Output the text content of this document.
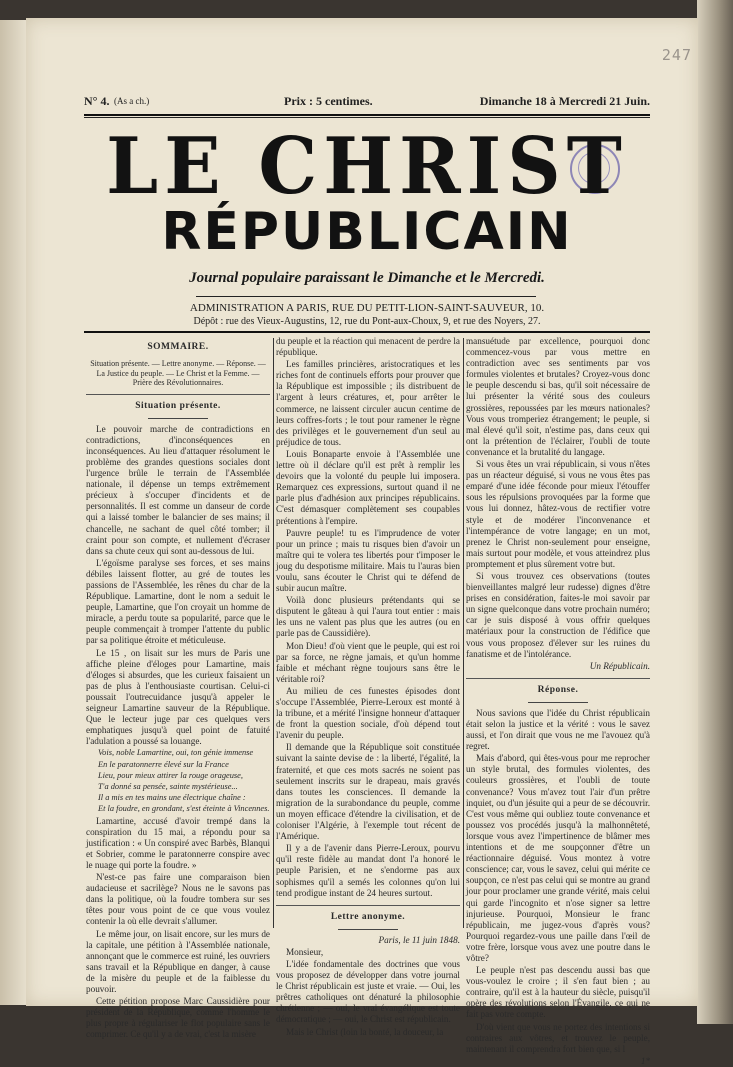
247
N° 4. (As a ch.)	Prix : 5 centimes.	Dimanche 18 à Mercredi 21 Juin.
LE CHRIST
RÉPUBLICAIN
Journal populaire paraissant le Dimanche et le Mercredi.
ADMINISTRATION A PARIS, RUE DU PETIT-LION-SAINT-SAUVEUR, 10.
Dépôt : rue des Vieux-Augustins, 12, rue du Pont-aux-Choux, 9, et rue des Noyers, 27.

SOMMAIRE.

Situation présente. — Lettre anonyme. — Réponse. — La Justice du peuple. — Le Christ et la Femme. — Prière des Révolutionnaires.

Situation présente.

Le pouvoir marche de contradictions en contradictions, d'inconséquences en inconséquences. Au lieu d'attaquer résolument le problème des grandes questions sociales dont l'urgence brûle le terrain de l'Assemblée nationale, il dépense un temps extrêmement précieux à s'occuper d'incidents et de personnalités. Il est comme un danseur de corde qui a laissé tomber le balancier de ses mains; il chancelle, ne sachant de quel côté tomber; il craint pour son compte, et nullement d'écraser dans sa chute ceux qui sont au-dessous de lui.

L'égoïsme paralyse ses forces, et ses mains débiles laissent flotter, au gré de toutes les passions de l'Assemblée, les rênes du char de la République. Lamartine, dont le nom a seduit le peuple, Lamartine, que l'on croyait un homme de miracle, a perdu toute sa popularité, parce que le peuple commençait à tromper l'attente du public par sa politique étroite et méticuleuse.

Le 15 , on lisait sur les murs de Paris une affiche pleine d'éloges pour Lamartine, mais d'éloges si absurdes, que les curieux faisaient un pas de plus à l'enthousiaste courtisan. Celui-ci poussait l'outrecuidance jusqu'à appeler le seigneur Lamartine sauveur de la République. Que le lecteur juge par ces quelques vers emphatiques jusqu'à quel point de fatuité l'adulation a poussé sa louange.

Vois, noble Lamartine, oui, ton génie immense

En le paratonnerre élevé sur la France

Lieu, pour mieux attirer la rouge orageuse,

T'a donné sa pensée, sainte mystérieuse...

Il a mis en tes mains une électrique chaîne :

Et la foudre, en grondant, s'est éteinte à Vincennes.

Lamartine, accusé d'avoir trempé dans la conspiration du 15 mai, a répondu pour sa justification : « Un conspiré avec Barbès, Blanqui et Sobrier, comme le paratonnerre conspire avec le nuage qui porte la foudre. »

N'est-ce pas faire une comparaison bien audacieuse et sacrilège? Nous ne le savons pas dans la politique, où la foudre tombera sur ses têtes pour vous point de ce que vous voulez contenir la où elle devrait s'allumer.

Le même jour, on lisait encore, sur les murs de la capitale, une pétition à l'Assemblée nationale, annonçant que le commerce est ruiné, les ouvriers sans travail et la République en danger, à cause de la misère du peuple et de la faiblesse du pouvoir.

Cette pétition propose Marc Caussidière pour président de la République, comme l'homme le plus propre à régulariser le flot populaire sans le comprimer. Ce qu'il y a de vrai, c'est la misère

du peuple et la réaction qui menacent de perdre la république.

Les familles princières, aristocratiques et les riches font de continuels efforts pour prouver que la République est impossible ; ils distribuent de l'argent à leurs créatures, et, pour arrêter le commerce, ne laissent circuler aucun centime de leurs coffres-forts ; le tout pour ramener le règne des privilèges et le gouvernement d'un seul au préjudice de tous.

Louis Bonaparte envoie à l'Assemblée une lettre où il déclare qu'il est prêt à remplir les devoirs que la volonté du peuple lui imposera. Remarquez ces expressions, surtout quand il ne parle plus d'adhésion aux principes républicains. C'est démasquer complètement ses coupables prétentions à l'empire.

Pauvre peuple! tu es l'imprudence de voter pour un prince ; mais tu risques bien d'avoir un maître qui te volera tes libertés pour t'imposer le joug du despotisme militaire. Mais tu l'auras bien voulu, sans écouter le Christ qui te défend de subir aucun maître.

Voilà donc plusieurs prétendants qui se disputent le gâteau à qui l'aura tout entier : mais les uns ne valent pas plus que les autres (ou en parle pas de Caussidière).

Mon Dieu! d'où vient que le peuple, qui est roi par sa force, ne règne jamais, et qu'un homme faible et méchant règne toujours sans être le véritable roi?

Au milieu de ces funestes épisodes dont s'occupe l'Assemblée, Pierre-Leroux est monté à la tribune, et a mérité l'insigne honneur d'attaquer de front la question sociale, d'où dépend tout l'avenir du peuple.

Il demande que la République soit constituée suivant la sainte devise de : la liberté, l'égalité, la fraternité, et que ces mots sacrés ne soient pas seulement inscrits sur le drapeau, mais gravés dans toutes les consciences. Il demande la migration de la surabondance du peuple, comme un moyen efficace d'étendre la civilisation, et de coloniser l'Algérie, à l'exemple tout récent de l'Amérique.

Il y a de l'avenir dans Pierre-Leroux, pourvu qu'il reste fidèle au mandat dont l'a honoré le peuple Parisien, et ne s'endorme pas aux sophismes qu'il a semés les colonnes qu'on lui tend prodigue instant de 24 heures surtout.

Lettre anonyme.

Paris, le 11 juin 1848.

Monsieur,

L'idée fondamentale des doctrines que vous vous proposez de développer dans votre journal le Christ républicain est juste et vraie. — Oui, les prêtres catholiques ont dénaturé la philosophie chrétienne ; — oui, le vrai évangélique est toute démocratique ; — oui, le Christ est républicain.

Mais le Christ (loin la bonté, la douceur, la

mansuétude par excellence, pourquoi donc commencez-vous par vous mettre en contradiction avec ses sentiments par vos formules violentes et brutales? Croyez-vous donc le peuple descendu si bas, qu'il soit nécessaire de lui présenter la vérité sous des couleurs grossières, repoussées par les mœurs nationales? Vous vous tromperiez étrangement; le peuple, si mal élevé qu'il soit, n'estime pas, dans ceux qui ont la prétention de l'éclairer, l'oubli de toute convenance et la brutalité du langage.

Si vous êtes un vrai républicain, si vous n'êtes pas un réacteur déguisé, si vous ne vous êtes pas emparé d'une idée féconde pour mieux l'étouffer sous les répulsions provoquées par la forme que vous lui donnez, hâtez-vous de rectifier votre style et de modérer l'inconvenance et l'intempérance de votre langage; en un mot, prenez le Christ non-seulement pour enseigne, mais surtout pour modèle, et vous atteindrez plus promptement et plus sûrement votre but.

Si vous trouvez ces observations (toutes bienveillantes malgré leur rudesse) dignes d'être prises en considération, faites-le moi savoir par un signe quelconque dans votre prochain numéro; car je suis disposé à vous offrir quelques matériaux pour la construction de l'édifice que vous vous proposez d'élever sur les ruines du fanatisme et de l'intolérance.

Un Républicain.

Réponse.

Nous savions que l'idée du Christ républicain était selon la justice et la vérité : vous le savez aussi, et l'on dirait que vous ne me l'avouez qu'à regret.

Mais d'abord, qui êtes-vous pour me reprocher un style brutal, des formules violentes, des couleurs grossières, et l'oubli de toute convenance? Vous m'avez tout l'air d'un prêtre inquiet, ou d'un jésuite qui a peur de se découvrir. C'est vous même qui oubliez toute convenance et poussez vos procédés jusqu'à la malhonnêteté, lorsque vous avez l'impertinence de blâmer mes intentions et de me soupçonner d'être un réactionnaire déguisé. Vous montez à votre conscience; car, vous le savez, celui qui mérite ce soupçon, ce n'est pas celui qui se montre au grand jour pour proclamer une grande vérité, mais celui qui garde l'incognito et n'ose signer sa lettre injurieuse. Pourquoi, Monsieur le franc républicain, me jugez-vous d'après vous? Pourquoi regardez-vous une paille dans l'œil de votre frère, lorsque vous avez une poutre dans le vôtre?

Le peuple n'est pas descendu aussi bas que vous-voulez le croire ; il s'en faut bien ; au contraire, qu'il est à la hauteur du siècle, puisqu'il opère des révolutions selon l'Évangile, ce qui ne fait pas votre compte.

D'où vient que vous ne portez des intentions si contraires aux vôtres, et trouvez le peuple, maintenant il comprendra fort bien que, si l

1*
